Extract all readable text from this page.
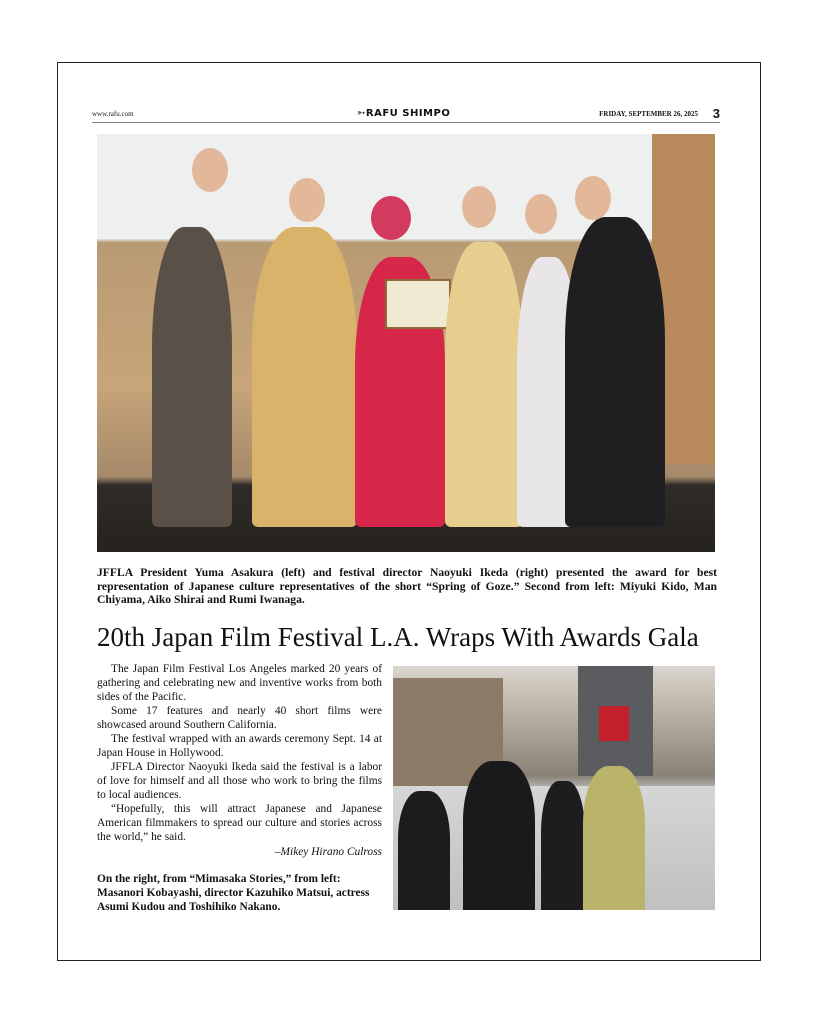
www.rafu.com	➳RAFU SHIMPO	FRIDAY, SEPTEMBER 26, 2025 3
JFFLA President Yuma Asakura (left) and festival director Naoyuki Ikeda (right) presented the award for best representation of Japanese culture representatives of the short “Spring of Goze.” Second from left: Miyuki Kido, Man Chiyama, Aiko Shirai and Rumi Iwanaga.
20th Japan Film Festival L.A. Wraps With Awards Gala

The Japan Film Festival Los Angeles marked 20 years of gathering and celebrating new and inventive works from both sides of the Pacific.

Some 17 features and nearly 40 short films were showcased around Southern California.

The festival wrapped with an awards ceremony Sept. 14 at Japan House in Hollywood.

JFFLA Director Naoyuki Ikeda said the festival is a labor of love for himself and all those who work to bring the films to local audiences.

“Hopefully, this will attract Japanese and Japanese American filmmakers to spread our culture and stories across the world,” he said.

–Mikey Hirano Culross
On the right, from “Mimasaka Stories,” from left: Masanori Kobayashi, director Kazuhiko Matsui, actress Asumi Kudou and Toshihiko Nakano.
